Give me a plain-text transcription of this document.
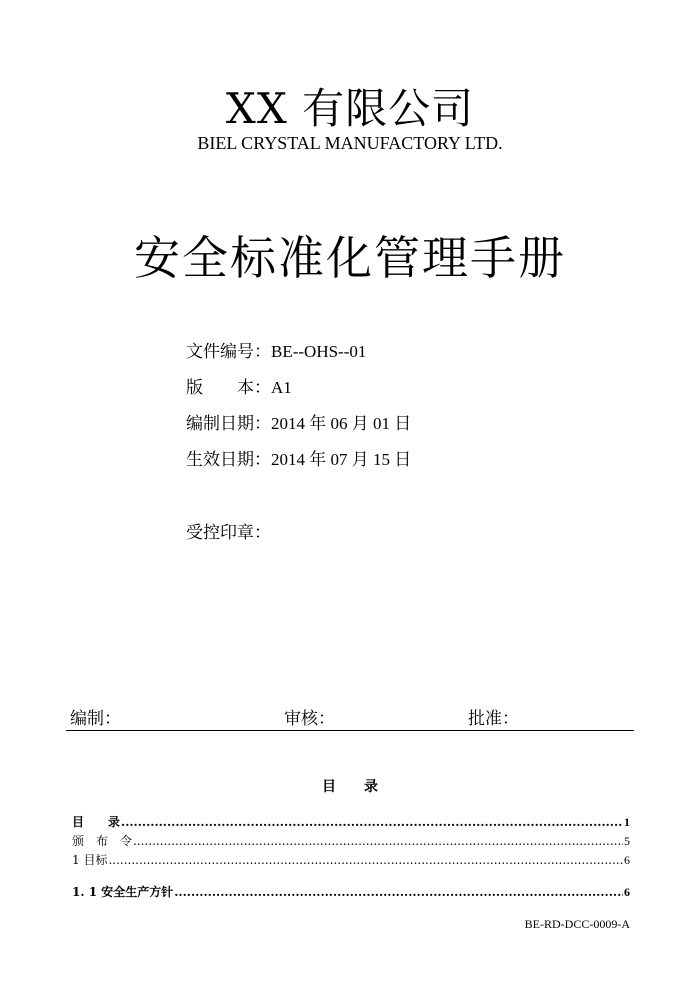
XX 有限公司
BIEL CRYSTAL MANUFACTORY LTD.
安全标准化管理手册
文件编号：BE--OHS--01
版　　本：A1
编制日期：2014 年 06 月 01 日
生效日期：2014 年 07 月 15 日
受控印章：
编制：	审核：	批准：
目　　录
目　　录 .....	1
颁　布　令 .....	5
1 目标 .....	6
1. 1 安全生产方针 .....	6
BE-RD-DCC-0009-A
